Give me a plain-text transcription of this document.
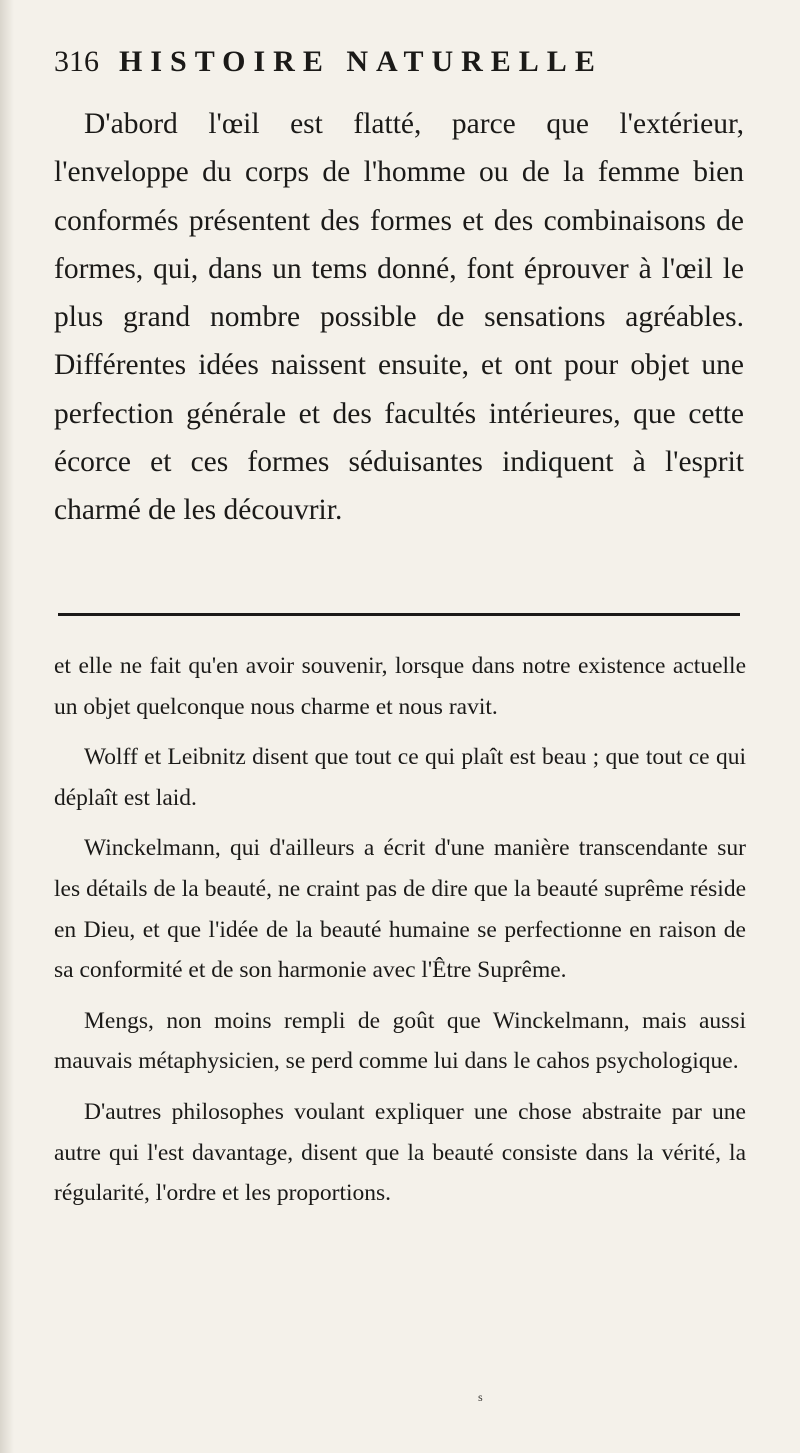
316 HISTOIRE NATURELLE

D'abord l'œil est flatté, parce que l'extérieur, l'enveloppe du corps de l'homme ou de la femme bien conformés présentent des formes et des combinaisons de formes, qui, dans un tems donné, font éprouver à l'œil le plus grand nombre possible de sensations agréables. Différentes idées naissent ensuite, et ont pour objet une perfection générale et des facultés intérieures, que cette écorce et ces formes séduisantes indiquent à l'esprit charmé de les découvrir.

et elle ne fait qu'en avoir souvenir, lorsque dans notre existence actuelle un objet quelconque nous charme et nous ravit.

Wolff et Leibnitz disent que tout ce qui plaît est beau ; que tout ce qui déplaît est laid.

Winckelmann, qui d'ailleurs a écrit d'une manière transcendante sur les détails de la beauté, ne craint pas de dire que la beauté suprême réside en Dieu, et que l'idée de la beauté humaine se perfectionne en raison de sa conformité et de son harmonie avec l'Être Suprême.

Mengs, non moins rempli de goût que Winckelmann, mais aussi mauvais métaphysicien, se perd comme lui dans le cahos psychologique.

D'autres philosophes voulant expliquer une chose abstraite par une autre qui l'est davantage, disent que la beauté consiste dans la vérité, la régularité, l'ordre et les proportions.

s
